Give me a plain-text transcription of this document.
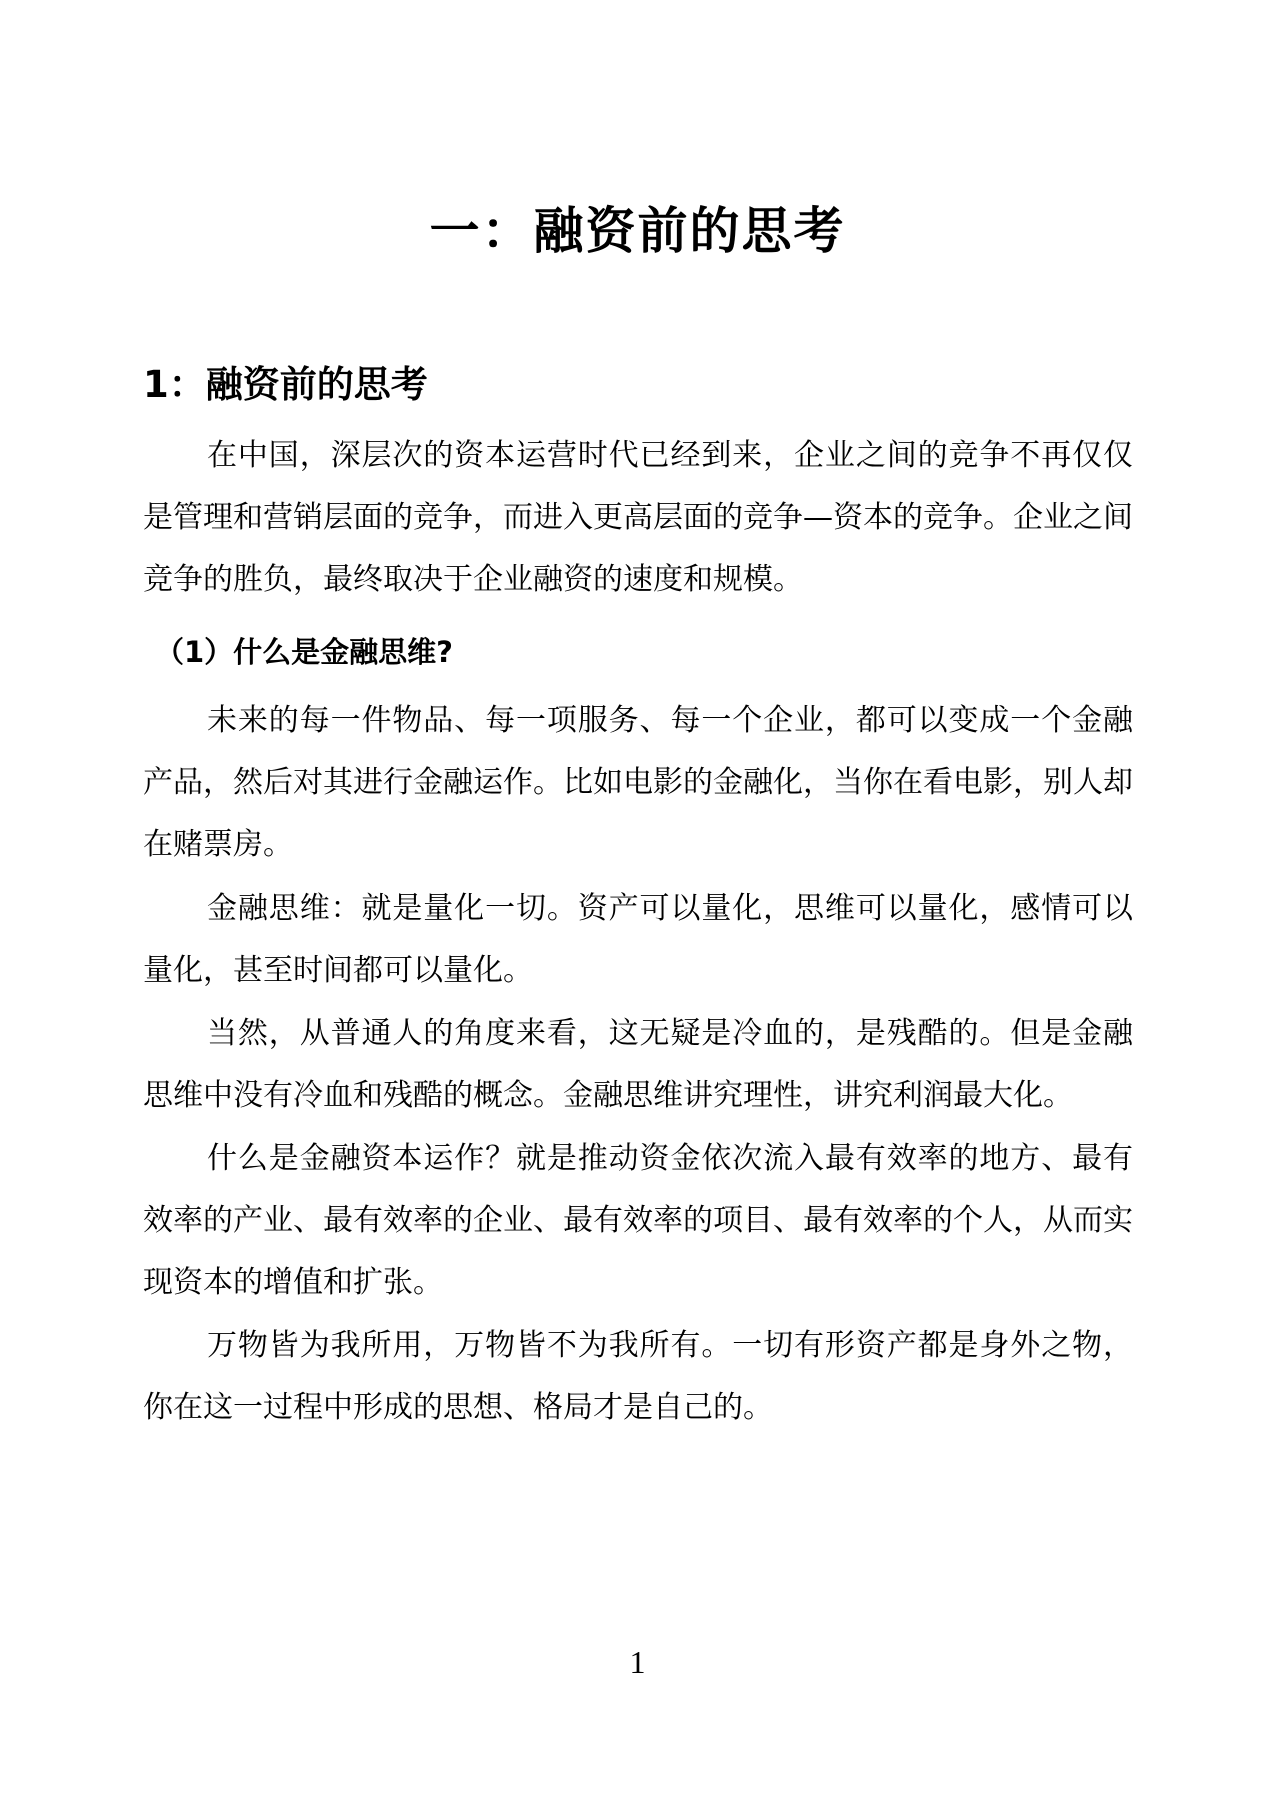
一：融资前的思考
1：融资前的思考

在中国，深层次的资本运营时代已经到来，企业之间的竞争不再仅仅是管理和营销层面的竞争，而进入更高层面的竞争—资本的竞争。企业之间竞争的胜负，最终取决于企业融资的速度和规模。

（1）什么是金融思维?

未来的每一件物品、每一项服务、每一个企业，都可以变成一个金融产品，然后对其进行金融运作。比如电影的金融化，当你在看电影，别人却在赌票房。

金融思维：就是量化一切。资产可以量化，思维可以量化，感情可以量化，甚至时间都可以量化。

当然，从普通人的角度来看，这无疑是冷血的，是残酷的。但是金融思维中没有冷血和残酷的概念。金融思维讲究理性，讲究利润最大化。

什么是金融资本运作？就是推动资金依次流入最有效率的地方、最有效率的产业、最有效率的企业、最有效率的项目、最有效率的个人，从而实现资本的增值和扩张。

万物皆为我所用，万物皆不为我所有。一切有形资产都是身外之物，你在这一过程中形成的思想、格局才是自己的。

1
